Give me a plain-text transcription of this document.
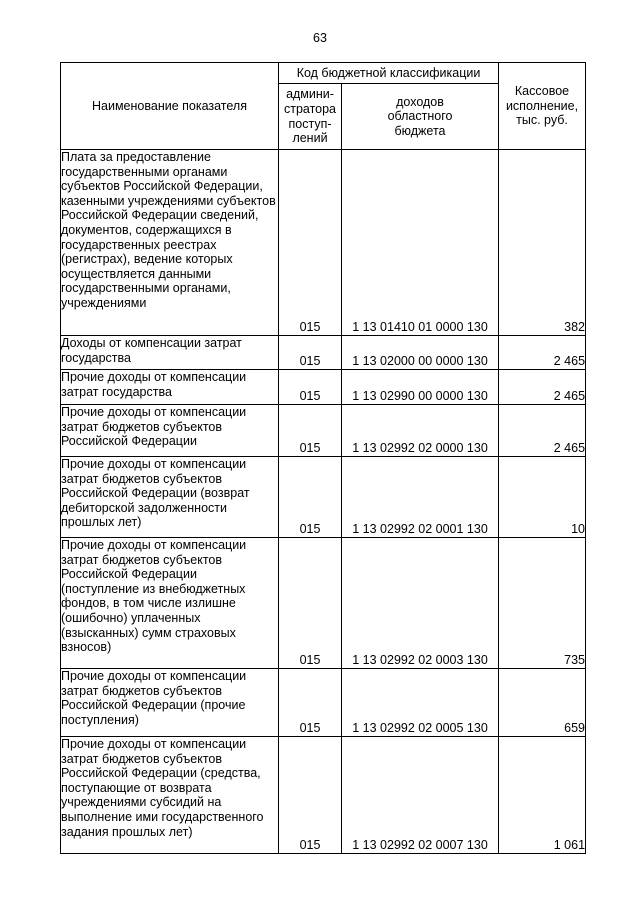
63
Наименование показателя	Код бюджетной классификации		Кассовое
исполнение,
тыс. руб.
	админи-
стратора
поступ-
лений	доходов
областного
бюджета	
Плата за предоставление государственными органами субъектов Российской Федерации, казенными учреждениями субъектов Российской Федерации сведений, документов, содержащихся в государственных реестрах (регистрах), ведение которых осуществляется данными государственными органами, учреждениями	015	1 13 01410 01 0000 130	382
Доходы от компенсации затрат государства	015	1 13 02000 00 0000 130	2 465
Прочие доходы от компенсации затрат государства	015	1 13 02990 00 0000 130	2 465
Прочие доходы от компенсации затрат бюджетов субъектов Российской Федерации	015	1 13 02992 02 0000 130	2 465
Прочие доходы от компенсации затрат бюджетов субъектов Российской Федерации (возврат дебиторской задолженности прошлых лет)	015	1 13 02992 02 0001 130	10
Прочие доходы от компенсации затрат бюджетов субъектов Российской Федерации (поступление из внебюджетных фондов, в том числе излишне (ошибочно) уплаченных (взысканных) сумм страховых взносов)	015	1 13 02992 02 0003 130	735
Прочие доходы от компенсации затрат бюджетов субъектов Российской Федерации (прочие поступления)	015	1 13 02992 02 0005 130	659
Прочие доходы от компенсации затрат бюджетов субъектов Российской Федерации (средства, поступающие от возврата учреждениями субсидий на выполнение ими государственного задания прошлых лет)	015	1 13 02992 02 0007 130	1 061
